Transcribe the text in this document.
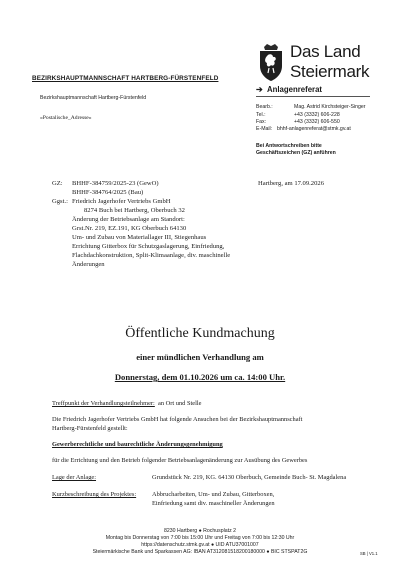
Das Land
Steiermark
BEZIRKSHAUPTMANNSCHAFT HARTBERG-FÜRSTENFELD
➔ Anlagenreferat
Bezirkshauptmannschaft Hartberg-Fürstenfeld
«Postalische_Adresse»
Bearb.:	Mag. Astrid Kirchsteiger-Singer
Tel.:	+43 (3332) 606-228
Fax:	+43 (3332) 606-550
E-Mail: bhhf-anlagenreferat@stmk.gv.at
Bei Antwortschreiben bitte
Geschäftszeichen (GZ) anführen
GZ: BHHF-384759/2025-23 (GewO)
BHHF-384764/2025 (Bau)
Hartberg, am 17.09.2026
Ggst.: Friedrich Jagerhofer Vertriebs GmbH
8274 Buch bei Hartberg, Oberbuch 32
Änderung der Betriebsanlage am Standort:
Grst.Nr. 219, EZ.191, KG Oberbuch 64130
Um- und Zubau von Materiallager III, Stiegenhaus
Errichtung Gitterbox für Schutzgaslagerung, Einfriedung,
Flachdachkonstruktion, Split-Klimaanlage, div. maschinelle
Änderungen
Öffentliche Kundmachung
einer mündlichen Verhandlung am
Donnerstag, dem 01.10.2026 um ca. 14:00 Uhr.
Treffpunkt der Verhandlungsteilnehmer: an Ort und Stelle
Die Friedrich Jagerhofer Vertriebs GmbH hat folgende Ansuchen bei der Bezirkshauptmannschaft
Hartberg-Fürstenfeld gestellt:
Gewerberechtliche und baurechtliche Änderungsgenehmigung
für die Errichtung und den Betrieb folgender Betriebsanlagenänderung zur Ausübung des Gewerbes
Lage der Anlage:	Grundstück Nr. 219, KG. 64130 Oberbuch, Gemeinde Buch- St. Magdalena
Kurzbeschreibung des Projektes: Abbrucharbeiten, Um- und Zubau, Gitterboxen,
Einfriedung samt div. maschineller Änderungen
8230 Hartberg ● Rochusplatz 2
Montag bis Donnerstag von 7:00 bis 15:00 Uhr und Freitag von 7:00 bis 12:30 Uhr
https://datenschutz.stmk.gv.at ● UID ATU37001007
Steiermärkische Bank und Sparkassen AG: IBAN AT312081518200180000 ● BIC STSPAT2G	SB | V1.1
